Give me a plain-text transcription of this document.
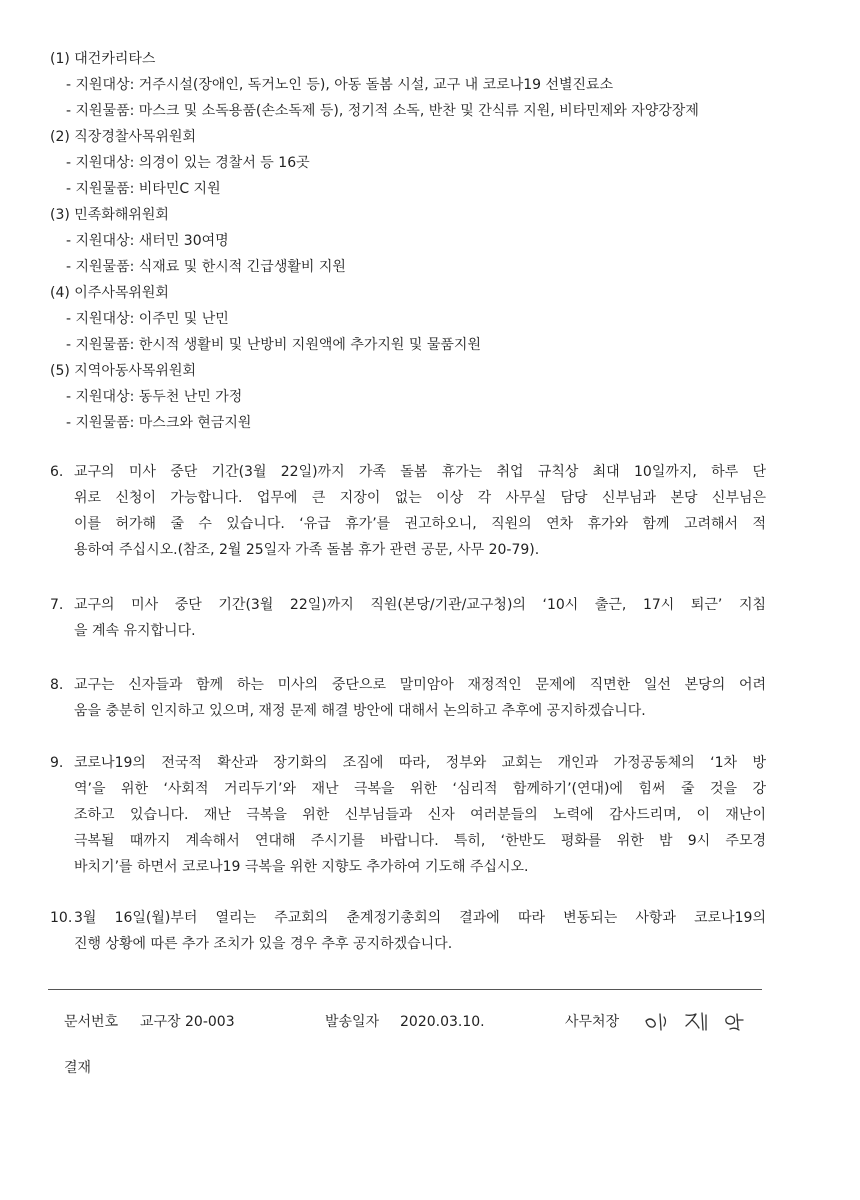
(1) 대건카리타스
- 지원대상: 거주시설(장애인, 독거노인 등), 아동 돌봄 시설, 교구 내 코로나19 선별진료소
- 지원물품: 마스크 및 소독용품(손소독제 등), 정기적 소독, 반찬 및 간식류 지원, 비타민제와 자양강장제
(2) 직장경찰사목위원회
- 지원대상: 의경이 있는 경찰서 등 16곳
- 지원물품: 비타민C 지원
(3) 민족화해위원회
- 지원대상: 새터민 30여명
- 지원물품: 식재료 및 한시적 긴급생활비 지원
(4) 이주사목위원회
- 지원대상: 이주민 및 난민
- 지원물품: 한시적 생활비 및 난방비 지원액에 추가지원 및 물품지원
(5) 지역아동사목위원회
- 지원대상: 동두천 난민 가정
- 지원물품: 마스크와 현금지원
6. 교구의 미사 중단 기간(3월 22일)까지 가족 돌봄 휴가는 취업 규칙상 최대 10일까지, 하루 단
위로 신청이 가능합니다. 업무에 큰 지장이 없는 이상 각 사무실 담당 신부님과 본당 신부님은
이를 허가해 줄 수 있습니다. ‘유급 휴가’를 권고하오니, 직원의 연차 휴가와 함께 고려해서 적
용하여 주십시오.(참조, 2월 25일자 가족 돌봄 휴가 관련 공문, 사무 20-79).
7. 교구의 미사 중단 기간(3월 22일)까지 직원(본당/기관/교구청)의 ‘10시 출근, 17시 퇴근’ 지침
을 계속 유지합니다.
8. 교구는 신자들과 함께 하는 미사의 중단으로 말미암아 재정적인 문제에 직면한 일선 본당의 어려
움을 충분히 인지하고 있으며, 재정 문제 해결 방안에 대해서 논의하고 추후에 공지하겠습니다.
9. 코로나19의 전국적 확산과 장기화의 조짐에 따라, 정부와 교회는 개인과 가정공동체의 ‘1차 방
역’을 위한 ‘사회적 거리두기’와 재난 극복을 위한 ‘심리적 함께하기’(연대)에 힘써 줄 것을 강
조하고 있습니다. 재난 극복을 위한 신부님들과 신자 여러분들의 노력에 감사드리며, 이 재난이
극복될 때까지 계속해서 연대해 주시기를 바랍니다. 특히, ‘한반도 평화를 위한 밤 9시 주모경
바치기’를 하면서 코로나19 극복을 위한 지향도 추가하여 기도해 주십시오.
10. 3월 16일(월)부터 열리는 주교회의 춘계정기총회의 결과에 따라 변동되는 사항과 코로나19의
진행 상황에 따른 추가 조치가 있을 경우 추후 공지하겠습니다.
문서번호 교구장 20-003	발송일자 2020.03.10.	사무처장
결재
